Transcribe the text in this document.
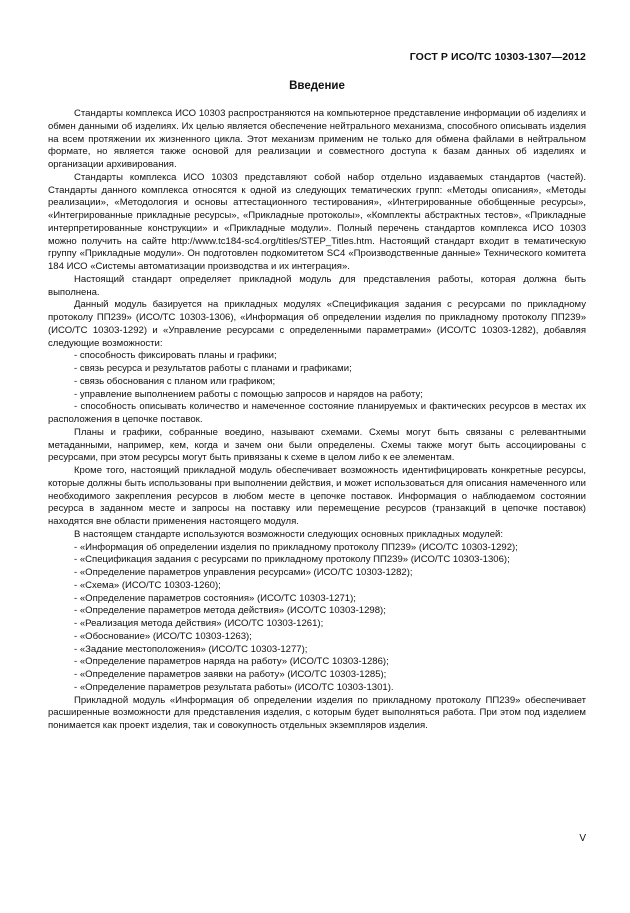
ГОСТ Р ИСО/ТС 10303-1307—2012
Введение

Стандарты комплекса ИСО 10303 распространяются на компьютерное представление информации об изделиях и обмен данными об изделиях. Их целью является обеспечение нейтрального механизма, способного описывать изделия на всем протяжении их жизненного цикла. Этот механизм применим не только для обмена файлами в нейтральном формате, но является также основой для реализации и совместного доступа к базам данных об изделиях и организации архивирования.

Стандарты комплекса ИСО 10303 представляют собой набор отдельно издаваемых стандартов (частей). Стандарты данного комплекса относятся к одной из следующих тематических групп: «Методы описания», «Методы реализации», «Методология и основы аттестационного тестирования», «Интегрированные обобщенные ресурсы», «Интегрированные прикладные ресурсы», «Прикладные протоколы», «Комплекты абстрактных тестов», «Прикладные интерпретированные конструкции» и «Прикладные модули». Полный перечень стандартов комплекса ИСО 10303 можно получить на сайте http://www.tc184-sc4.org/titles/STEP_Titles.htm. Настоящий стандарт входит в тематическую группу «Прикладные модули». Он подготовлен подкомитетом SC4 «Производственные данные» Технического комитета 184 ИСО «Системы автоматизации производства и их интеграция».

Настоящий стандарт определяет прикладной модуль для представления работы, которая должна быть выполнена.

Данный модуль базируется на прикладных модулях «Спецификация задания с ресурсами по прикладному протоколу ПП239» (ИСО/ТС 10303-1306), «Информация об определении изделия по прикладному протоколу ПП239» (ИСО/ТС 10303-1292) и «Управление ресурсами с определенными параметрами» (ИСО/ТС 10303-1282), добавляя следующие возможности:

- способность фиксировать планы и графики;
- связь ресурса и результатов работы с планами и графиками;
- связь обоснования с планом или графиком;
- управление выполнением работы с помощью запросов и нарядов на работу;

- способность описывать количество и намеченное состояние планируемых и фактических ресурсов в местах их расположения в цепочке поставок.

Планы и графики, собранные воедино, называют схемами. Схемы могут быть связаны с релевантными метаданными, например, кем, когда и зачем они были определены. Схемы также могут быть ассоциированы с ресурсами, при этом ресурсы могут быть привязаны к схеме в целом либо к ее элементам.

Кроме того, настоящий прикладной модуль обеспечивает возможность идентифицировать конкретные ресурсы, которые должны быть использованы при выполнении действия, и может использоваться для описания намеченного или необходимого закрепления ресурсов в любом месте в цепочке поставок. Информация о наблюдаемом состоянии ресурса в заданном месте и запросы на поставку или перемещение ресурсов (транзакций в цепочке поставок) находятся вне области применения настоящего модуля.

В настоящем стандарте используются возможности следующих основных прикладных модулей:

- «Информация об определении изделия по прикладному протоколу ПП239» (ИСО/ТС 10303-1292);
- «Спецификация задания с ресурсами по прикладному протоколу ПП239» (ИСО/ТС 10303-1306);
- «Определение параметров управления ресурсами» (ИСО/ТС 10303-1282);
- «Схема» (ИСО/ТС 10303-1260);
- «Определение параметров состояния» (ИСО/ТС 10303-1271);
- «Определение параметров метода действия» (ИСО/ТС 10303-1298);
- «Реализация метода действия» (ИСО/ТС 10303-1261);
- «Обоснование» (ИСО/ТС 10303-1263);
- «Задание местоположения» (ИСО/ТС 10303-1277);
- «Определение параметров наряда на работу» (ИСО/ТС 10303-1286);
- «Определение параметров заявки на работу» (ИСО/ТС 10303-1285);
- «Определение параметров результата работы» (ИСО/ТС 10303-1301).

Прикладной модуль «Информация об определении изделия по прикладному протоколу ПП239» обеспечивает расширенные возможности для представления изделия, с которым будет выполняться работа. При этом под изделием понимается как проект изделия, так и совокупность отдельных экземпляров изделия.

V
